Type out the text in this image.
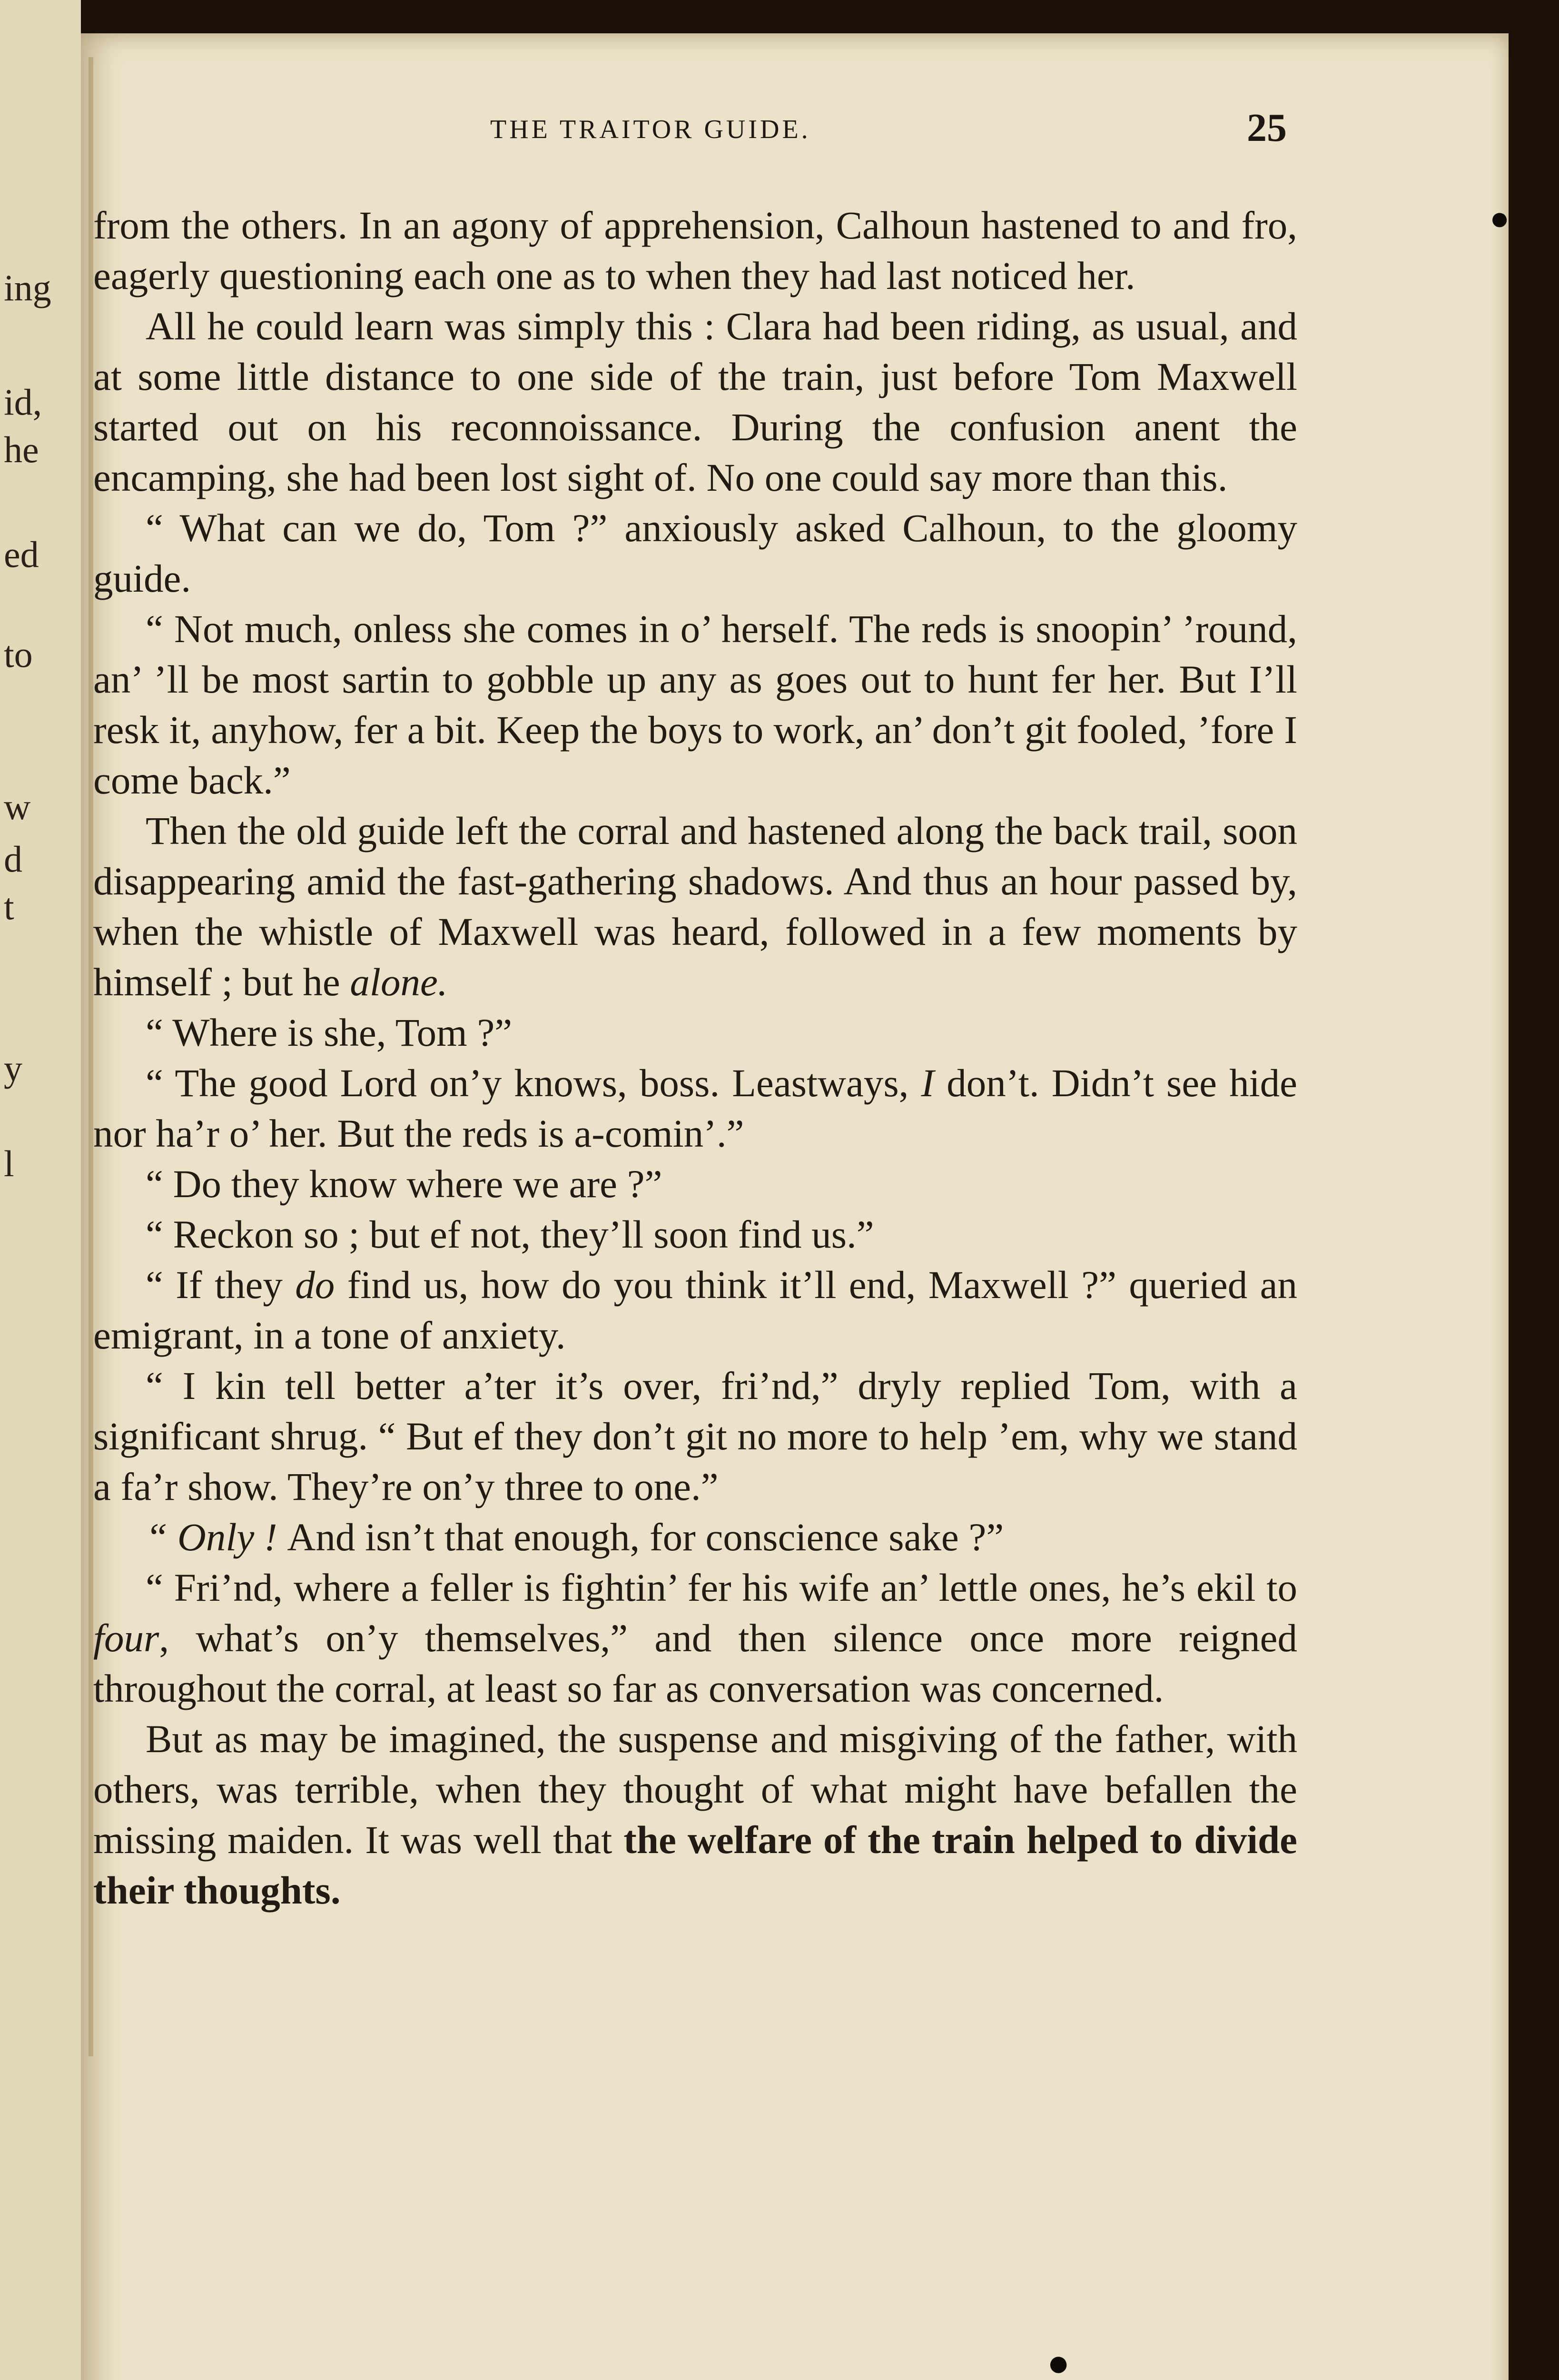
ing
id,
he
ed
to
w
d
t
y
l
THE TRAITOR GUIDE.	25

from the others. In an agony of apprehension, Calhoun hastened to and fro, eagerly questioning each one as to when they had last noticed her.

All he could learn was simply this : Clara had been riding, as usual, and at some little distance to one side of the train, just before Tom Maxwell started out on his reconnoissance. During the confusion anent the encamping, she had been lost sight of. No one could say more than this.

“ What can we do, Tom ?” anxiously asked Calhoun, to the gloomy guide.

“ Not much, onless she comes in o’ herself. The reds is snoopin’ ’round, an’ ’ll be most sartin to gobble up any as goes out to hunt fer her. But I’ll resk it, anyhow, fer a bit. Keep the boys to work, an’ don’t git fooled, ’fore I come back.”

Then the old guide left the corral and hastened along the back trail, soon disappearing amid the fast-gathering shadows. And thus an hour passed by, when the whistle of Maxwell was heard, followed in a few moments by himself ; but he alone.

“ Where is she, Tom ?”

“ The good Lord on’y knows, boss. Leastways, I don’t. Didn’t see hide nor ha’r o’ her. But the reds is a-comin’.”

“ Do they know where we are ?”

“ Reckon so ; but ef not, they’ll soon find us.”

“ If they do find us, how do you think it’ll end, Maxwell ?” queried an emigrant, in a tone of anxiety.

“ I kin tell better a’ter it’s over, fri’nd,” dryly replied Tom, with a significant shrug. “ But ef they don’t git no more to help ’em, why we stand a fa’r show. They’re on’y three to one.”

“ Only ! And isn’t that enough, for conscience sake ?”

“ Fri’nd, where a feller is fightin’ fer his wife an’ lettle ones, he’s ekil to four, what’s on’y themselves,” and then silence once more reigned throughout the corral, at least so far as conversation was concerned.

But as may be imagined, the suspense and misgiving of the father, with others, was terrible, when they thought of what might have befallen the missing maiden. It was well that the welfare of the train helped to divide their thoughts.

●
●
